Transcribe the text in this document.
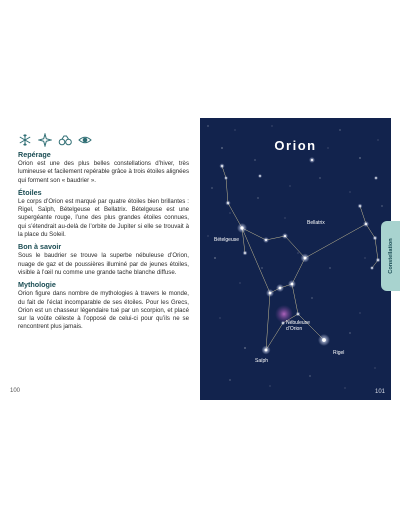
Repérage

Orion est une des plus belles constellations d’hiver, très lumineuse et facilement repérable grâce à trois étoiles alignées qui forment son « baudrier ».

Étoiles

Le corps d’Orion est marqué par quatre étoiles bien brillantes : Rigel, Saïph, Bételgeuse et Bellatrix. Bételgeuse est une supergéante rouge, l’une des plus grandes étoiles connues, qui s’étendrait au-delà de l’orbite de Jupiter si elle se trouvait à la place du Soleil.

Bon à savoir

Sous le baudrier se trouve la superbe nébuleuse d’Orion, nuage de gaz et de poussières illuminé par de jeunes étoiles, visible à l’œil nu comme une grande tache blanche diffuse.

Mythologie

Orion figure dans nombre de mythologies à travers le monde, du fait de l’éclat incomparable de ses étoiles. Pour les Grecs, Orion est un chasseur légendaire tué par un scorpion, et placé sur la voûte céleste à l’opposé de celui-ci pour qu’ils ne se rencontrent plus jamais.

100
Orion
Bételgeuse
Bellatrix
Nébuleuse
d’Orion
Rigel
Saïph
101
Constellation
